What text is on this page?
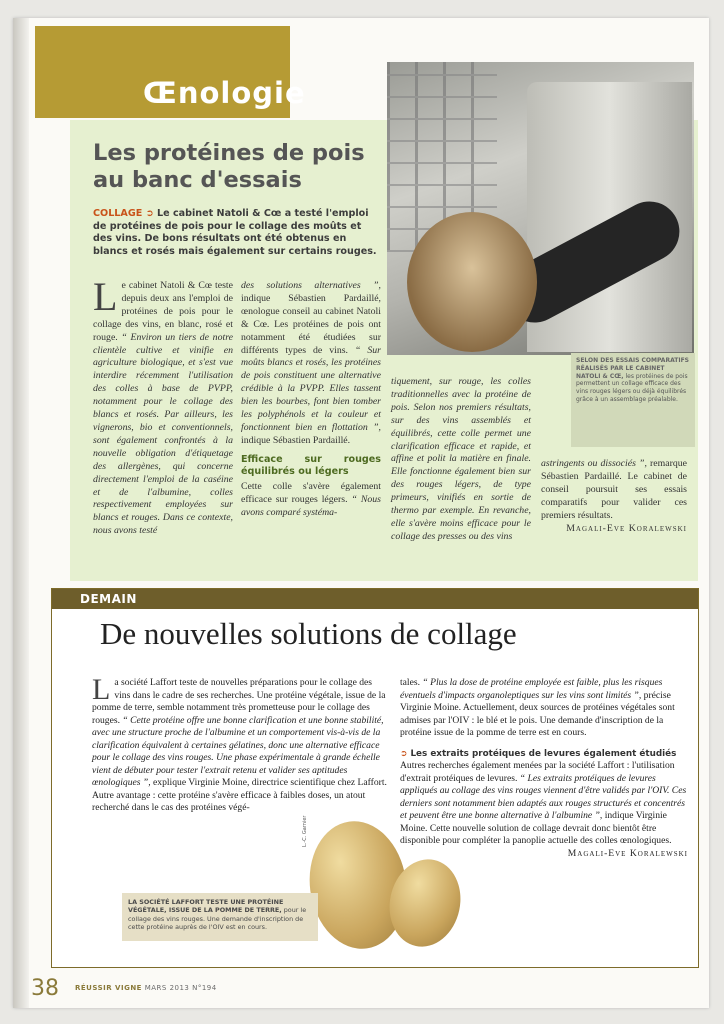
Œnologie
SELON DES ESSAIS COMPARATIFS RÉALISÉS PAR LE CABINET NATOLI & CŒ, les protéines de pois permettent un collage efficace des vins rouges légers ou déjà équilibrés grâce à un assemblage préalable.
Les protéines de pois
au banc d'essais

COLLAGE ➲ Le cabinet Natoli & Cœ a testé l'emploi de protéines de pois pour le collage des moûts et des vins. De bons résultats ont été obtenus en blancs et rosés mais également sur certains rouges.

Le cabinet Natoli & Cœ teste depuis deux ans l'emploi de protéines de pois pour le collage des vins, en blanc, rosé et rouge. “ Environ un tiers de notre clientèle cultive et vinifie en agriculture biologique, et s'est vue interdire récemment l'utilisation des colles à base de PVPP, notamment pour le collage des blancs et rosés. Par ailleurs, les vignerons, bio et conventionnels, sont également confrontés à la nouvelle obligation d'étiquetage des allergènes, qui concerne directement l'emploi de la caséine et de l'albumine, colles respectivement employées sur blancs et rouges. Dans ce contexte, nous avons testé

des solutions alternatives ”, indique Sébastien Pardaillé, œnologue conseil au cabinet Natoli & Cœ. Les protéines de pois ont notamment été étudiées sur différents types de vins. “ Sur moûts blancs et rosés, les protéines de pois constituent une alternative crédible à la PVPP. Elles tassent bien les bourbes, font bien tomber les polyphénols et la couleur et fonctionnent bien en flottation ”, indique Sébastien Pardaillé.

Efficace sur rouges équilibrés ou légers

Cette colle s'avère également efficace sur rouges légers. “ Nous avons comparé systéma-

tiquement, sur rouge, les colles traditionnelles avec la protéine de pois. Selon nos premiers résultats, sur des vins assemblés et équilibrés, cette colle permet une clarification efficace et rapide, et affine et polit la matière en finale. Elle fonctionne également bien sur des rouges légers, de type primeurs, vinifiés en sortie de thermo par exemple. En revanche, elle s'avère moins efficace pour le collage des presses ou des vins

astringents ou dissociés ”, remarque Sébastien Pardaillé. Le cabinet de conseil poursuit ses essais comparatifs pour valider ces premiers résultats.

Magali-Eve Koralewski

DEMAIN
De nouvelles solutions de collage

La société Laffort teste de nouvelles préparations pour le collage des vins dans le cadre de ses recherches. Une protéine végétale, issue de la pomme de terre, semble notamment très prometteuse pour le collage des rouges. “ Cette protéine offre une bonne clarification et une bonne stabilité, avec une structure proche de l'albumine et un comportement vis-à-vis de la clarification équivalent à certaines gélatines, donc une alternative efficace pour le collage des vins rouges. Une phase expérimentale à grande échelle vient de débuter pour tester l'extrait retenu et valider ses aptitudes œnologiques ”, explique Virginie Moine, directrice scientifique chez Laffort. Autre avantage : cette protéine s'avère efficace à faibles doses, un atout recherché dans le cas des protéines végé-

tales. “ Plus la dose de protéine employée est faible, plus les risques éventuels d'impacts organoleptiques sur les vins sont limités ”, précise Virginie Moine. Actuellement, deux sources de protéines végétales sont admises par l'OIV : le blé et le pois. Une demande d'inscription de la protéine issue de la pomme de terre est en cours.

➲ Les extraits protéiques de levures également étudiés

Autres recherches également menées par la société Laffort : l'utilisation d'extrait protéiques de levures. “ Les extraits protéiques de levures appliqués au collage des vins rouges viennent d'être validés par l'OIV. Ces derniers sont notamment bien adaptés aux rouges structurés et concentrés et peuvent être une bonne alternative à l'albumine ”, indique Virginie Moine. Cette nouvelle solution de collage devrait donc bientôt être disponible pour compléter la panoplie actuelle des colles œnologiques.

Magali-Eve Koralewski

L.-C. Garnier
LA SOCIÉTÉ LAFFORT TESTE UNE PROTÉINE VÉGÉTALE, ISSUE DE LA POMME DE TERRE, pour le collage des vins rouges. Une demande d'inscription de cette protéine auprès de l'OIV est en cours.
38 RÉUSSIR VIGNE MARS 2013 N°194
